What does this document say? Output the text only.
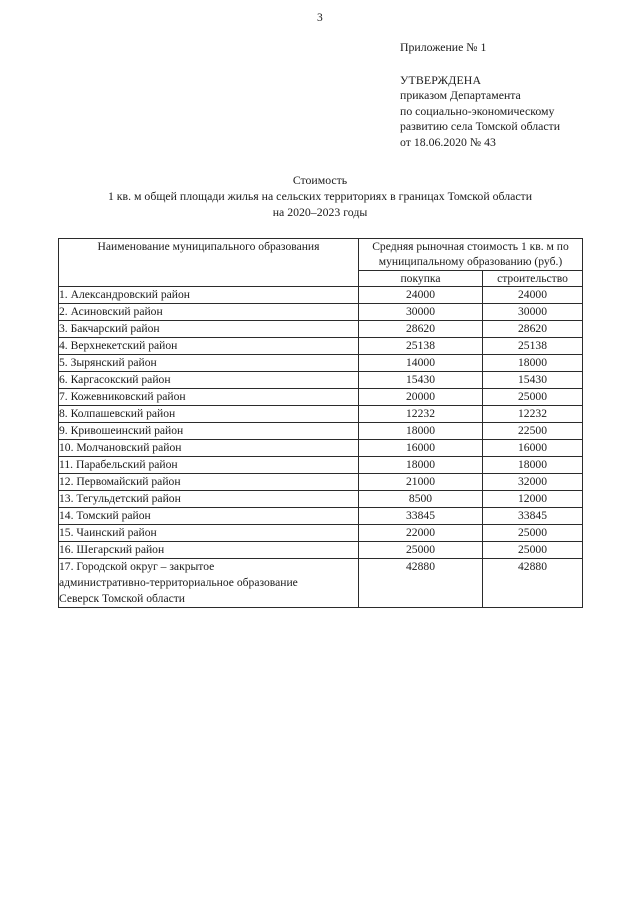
3
Приложение № 1
УТВЕРЖДЕНА
приказом Департамента
по социально-экономическому
развитию села Томской области
от 18.06.2020 № 43
Стоимость
1 кв. м общей площади жилья на сельских территориях в границах Томской области
на 2020–2023 годы
Наименование муниципального образования	Средняя рыночная стоимость 1 кв. м по муниципальному образованию (руб.)	
	покупка	строительство

1. Александровский район	24000	24000

2. Асиновский район	30000	30000

3. Бакчарский район	28620	28620

4. Верхнекетский район	25138	25138

5. Зырянский район	14000	18000

6. Каргасокский район	15430	15430

7. Кожевниковский район	20000	25000

8. Колпашевский район	12232	12232

9. Кривошеинский район	18000	22500

10. Молчановский район	16000	16000

11. Парабельский район	18000	18000

12. Первомайский район	21000	32000

13. Тегульдетский район	8500	12000

14. Томский район	33845	33845

15. Чаинский район	22000	25000

16. Шегарский район	25000	25000

17. Городской округ – закрытое
административно-территориальное образование
Северск Томской области	42880	42880
